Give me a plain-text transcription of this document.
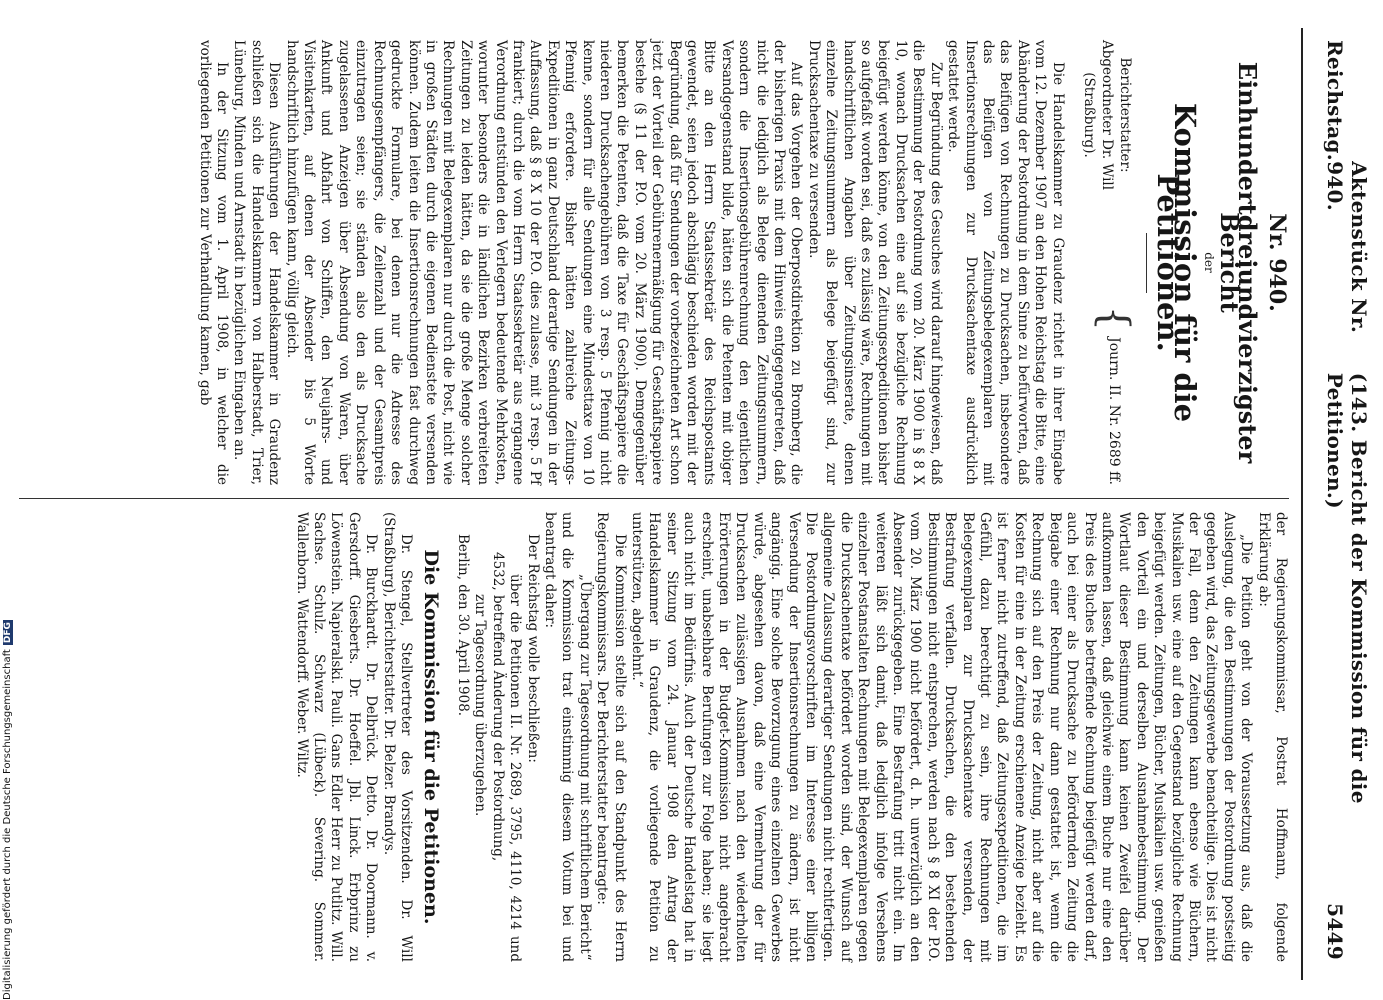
Reichstag.
Aktenstück Nr. 940.
(143. Bericht der Kommission für die Petitionen.)
5449
Nr. 940.
Einhundertdreiundvierzigster Bericht
der
Kommission für die Petitionen.
Berichterstatter:
Abgeordneter Dr. Will
(Straßburg).
{
Journ. II. Nr. 2689 ff.

Die Handelskammer zu Graudenz richtet in ihrer Eingabe vom 12. Dezember 1907 an den Hohen Reichstag die Bitte, eine Abänderung der Postordnung in dem Sinne zu befürworten, daß das Beifügen von Rechnungen zu Drucksachen, insbesondere das Beifügen von Zeitungsbelegexemplaren mit Insertionsrechnungen zur Drucksachentaxe ausdrücklich gestattet werde.

Zur Begründung des Gesuches wird darauf hingewiesen, daß die Bestimmung der Postordnung vom 20. März 1900 in § 8 X 10, wonach Drucksachen eine auf sie bezügliche Rechnung beigefügt werden könne, von den Zeitungsexpeditionen bisher so aufgefaßt worden sei, daß es zulässig wäre, Rechnungen mit handschriftlichen Angaben über Zeitungsinserate, denen einzelne Zeitungsnummern als Belege beigefügt sind, zur Drucksachentaxe zu versenden.

Auf das Vorgehen der Oberpostdirektion zu Bromberg, die der bisherigen Praxis mit dem Hinweis entgegengetreten, daß nicht die lediglich als Belege dienenden Zeitungsnummern, sondern die Insertionsgebührenrechnung den eigentlichen Versandgegenstand bilde, hätten sich die Petenten mit obiger Bitte an den Herrn Staatssekretär des Reichspostamts gewendet, seien jedoch abschlägig beschieden worden mit der Begründung, daß für Sendungen der vorbezeichneten Art schon jetzt der Vorteil der Gebührenermäßigung für Geschäftspapiere bestehe (§ 11 der P.O. vom 20. März 1900). Demgegenüber bemerken die Petenten, daß die Taxe für Geschäftspapiere die niederen Drucksachengebühren von 3 resp. 5 Pfennig nicht kenne, sondern für alle Sendungen eine Mindesttaxe von 10 Pfennig erfordere. Bisher hätten zahlreiche Zeitungs-Expeditionen in ganz Deutschland derartige Sendungen in der Auffassung, daß § 8 X 10 der P.O. dies zulasse, mit 3 resp. 5 Pf frankiert; durch die vom Herrn Staatssekretär aus ergangene Verordnung entstünden den Verlegern bedeutende Mehrkosten, worunter besonders die in ländlichen Bezirken verbreiteten Zeitungen zu leiden hätten, da sie die große Menge solcher Rechnungen mit Belegexemplaren nur durch die Post, nicht wie in großen Städten durch die eigenen Bedienstete versenden können. Zudem leiten die Insertionsrechnungen fast durchweg gedruckte Formulare, bei denen nur die Adresse des Rechnungsempfängers, die Zeilenzahl und der Gesamtpreis einzutragen seien; sie ständen also den als Drucksache zugelassenen Anzeigen über Absendung von Waren, über Ankunft und Abfahrt von Schiffen, den Neujahrs- und Visitenkarten, auf denen der Absender bis 5 Worte handschriftlich hinzufügen kann, völlig gleich.

Diesen Ausführungen der Handelskammer in Graudenz schließen sich die Handelskammern von Halberstadt, Trier, Lüneburg, Minden und Arnstadt in bezüglichen Eingaben an.

In der Sitzung vom 1. April 1908, in welcher die vorliegenden Petitionen zur Verhandlung kamen, gab

der Regierungskommissar, Postrat Hoffmann, folgende Erklärung ab:

„Die Petition geht von der Voraussetzung aus, daß die Auslegung, die den Bestimmungen der Postordnung postseitig gegeben wird, das Zeitungsgewerbe benachteilige. Dies ist nicht der Fall, denn den Zeitungen kann ebenso wie Büchern, Musikalien usw. eine auf den Gegenstand bezügliche Rechnung beigefügt werden. Zeitungen, Bücher, Musikalien usw. genießen den Vorteil ein und derselben Ausnahmebestimmung. Der Wortlaut dieser Bestimmung kann keinen Zweifel darüber aufkommen lassen, daß gleichwie einem Buche nur eine den Preis des Buches betreffende Rechnung beigefügt werden darf, auch bei einer als Drucksache zu befördernden Zeitung die Beigabe einer Rechnung nur dann gestattet ist, wenn die Rechnung sich auf den Preis der Zeitung, nicht aber auf die Kosten für eine in der Zeitung erschienene Anzeige bezieht. Es ist ferner nicht zutreffend, daß Zeitungsexpeditionen, die im Gefühl, dazu berechtigt zu sein, ihre Rechnungen mit Belegexemplaren zur Drucksachentaxe versenden, der Bestrafung verfallen. Drucksachen, die den bestehenden Bestimmungen nicht entsprechen, werden nach § 8 XI der P.O. vom 20. März 1900 nicht befördert, d. h. unverzüglich an den Absender zurückgegeben. Eine Bestrafung tritt nicht ein. Im weiteren läßt sich damit, daß lediglich infolge Versehens einzelner Postanstalten Rechnungen mit Belegexemplaren gegen die Drucksachentaxe befördert worden sind, der Wunsch auf allgemeine Zulassung derartiger Sendungen nicht rechtfertigen. Die Postordnungsvorschriften im Interesse einer billigen Versendung der Insertionsrechnungen zu ändern, ist nicht angängig. Eine solche Bevorzugung eines einzelnen Gewerbes würde, abgesehen davon, daß eine Vermehrung der für Drucksachen zulässigen Ausnahmen nach den wiederholten Erörterungen in der Budget-Kommission nicht angebracht erscheint, unabsehbare Berufungen zur Folge haben; sie liegt auch nicht im Bedürfnis. Auch der Deutsche Handelstag hat in seiner Sitzung vom 24. Januar 1908 den Antrag der Handelskammer in Graudenz, die vorliegende Petition zu unterstützen, abgelehnt.“

Die Kommission stellte sich auf den Standpunkt des Herrn Regierungskommissars. Der Berichterstatter beantragte:

„Übergang zur Tagesordnung mit schriftlichem Bericht“

und die Kommission trat einstimmig diesem Votum bei und beantragt daher:

Der Reichstag wolle beschließen:

über die Petitionen II. Nr. 2689, 3795, 4110, 4214 und 4532, betreffend Änderung der Postordnung,

zur Tagesordnung überzugehen.

Berlin, den 30. April 1908.

Die Kommission für die Petitionen.

Dr. Stengel, Stellvertreter des Vorsitzenden. Dr. Will (Straßburg), Berichterstatter. Dr. Belzer. Brandys.

Dr. Burckhardt. Dr. Delbrück. Detto. Dr. Doormann. v. Gersdorff. Giesberts. Dr. Hoeffel. Jbl. Linck. Erbprinz zu Löwenstein. Napieralski. Pauli. Gans Edler Herr zu Putlitz. Will. Sachse. Schulz. Schwarz (Lübeck). Severing. Sommer. Wallenborn. Wattendorff. Weber. Wiltz.

Digitalisierung gefördert durch die Deutsche ForschungsgemeinschaftDFG
